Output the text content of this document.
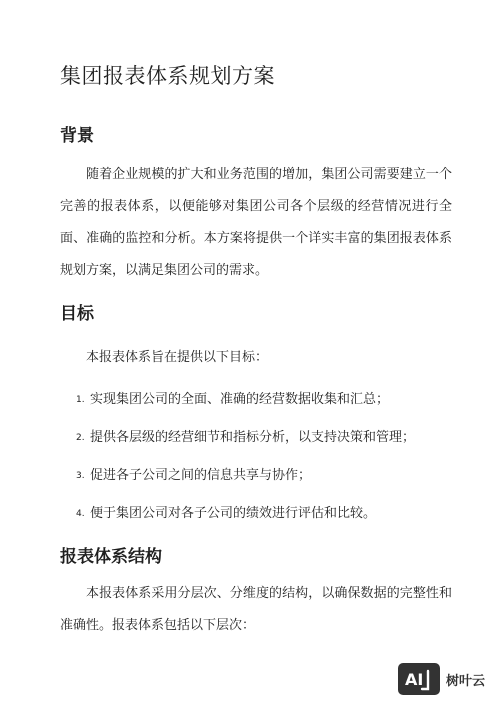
集团报表体系规划方案
背景

随着企业规模的扩大和业务范围的增加，集团公司需要建立一个完善的报表体系，以便能够对集团公司各个层级的经营情况进行全面、准确的监控和分析。本方案将提供一个详实丰富的集团报表体系规划方案，以满足集团公司的需求。

目标

本报表体系旨在提供以下目标：

1. 实现集团公司的全面、准确的经营数据收集和汇总；
2. 提供各层级的经营细节和指标分析，以支持决策和管理；
3. 促进各子公司之间的信息共享与协作；
4. 便于集团公司对各子公司的绩效进行评估和比较。
报表体系结构

本报表体系采用分层次、分维度的结构，以确保数据的完整性和准确性。报表体系包括以下层次：

AI 树叶云
